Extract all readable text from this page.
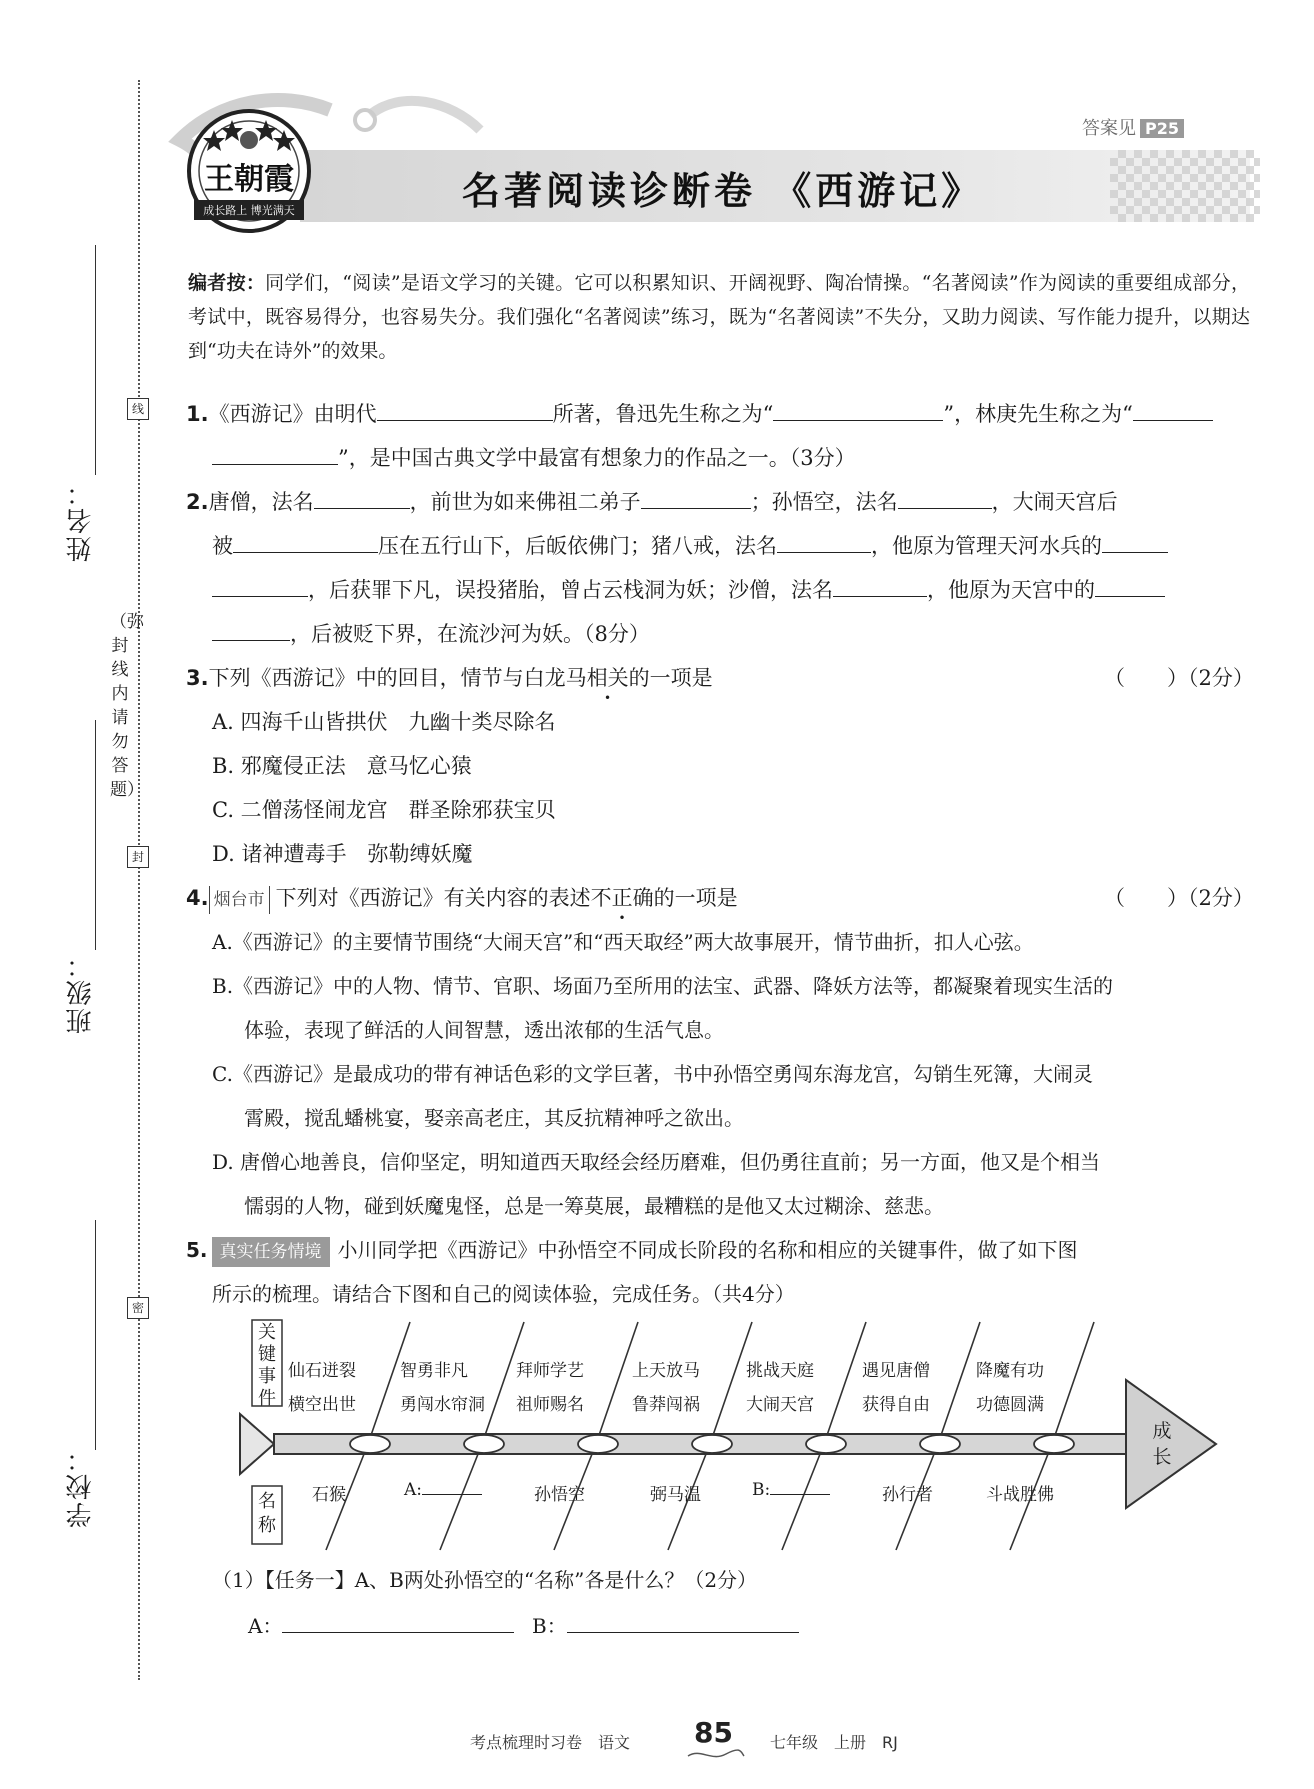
姓名：
班级：
学校：
线
封
密
（弥封线内请勿答题）
王朝霞
成长路上 博光满天
答案见 P25
名著阅读诊断卷 《西游记》
编者按：同学们，“阅读”是语文学习的关键。它可以积累知识、开阔视野、陶冶情操。“名著阅读”作为阅读的重要组成部分，考试中，既容易得分，也容易失分。我们强化“名著阅读”练习，既为“名著阅读”不失分，又助力阅读、写作能力提升，以期达到“功夫在诗外”的效果。
1.《西游记》由明代	所著，鲁迅先生称之为“	”，林庚先生称之为“
”，是中国古典文学中最富有想象力的作品之一。（3分）
2.唐僧，法名	，前世为如来佛祖二弟子	；孙悟空，法名	，大闹天宫后
被	压在五行山下，后皈依佛门；猪八戒，法名	，他原为管理天河水兵的
，后获罪下凡，误投猪胎，曾占云栈洞为妖；沙僧，法名	，他原为天宫中的
，后被贬下界，在流沙河为妖。（8分）
3.下列《西游记》中的回目，情节与白龙马相关的一项是	（　　）（2分）
A. 四海千山皆拱伏　九幽十类尽除名
B. 邪魔侵正法　意马忆心猿
C. 二僧荡怪闹龙宫　群圣除邪获宝贝
D. 诸神遭毒手　弥勒缚妖魔
4. 烟台市 下列对《西游记》有关内容的表述不正确的一项是	（　　）（2分）
A.《西游记》的主要情节围绕“大闹天宫”和“西天取经”两大故事展开，情节曲折，扣人心弦。
B.《西游记》中的人物、情节、官职、场面乃至所用的法宝、武器、降妖方法等，都凝聚着现实生活的
体验，表现了鲜活的人间智慧，透出浓郁的生活气息。
C.《西游记》是最成功的带有神话色彩的文学巨著，书中孙悟空勇闯东海龙宫，勾销生死簿，大闹灵
霄殿，搅乱蟠桃宴，娶亲高老庄，其反抗精神呼之欲出。
D. 唐僧心地善良，信仰坚定，明知道西天取经会经历磨难，但仍勇往直前；另一方面，他又是个相当
懦弱的人物，碰到妖魔鬼怪，总是一筹莫展，最糟糕的是他又太过糊涂、慈悲。
5. 真实任务情境 小川同学把《西游记》中孙悟空不同成长阶段的名称和相应的关键事件，做了如下图
所示的梳理。请结合下图和自己的阅读体验，完成任务。（共4分）
关键事件
名称
成长
仙石迸裂
横空出世
智勇非凡
勇闯水帘洞
拜师学艺
祖师赐名
上天放马
鲁莽闯祸
挑战天庭
大闹天宫
遇见唐僧
获得自由
降魔有功
功德圆满
石猴	A:	孙悟空	弼马温	B:	孙行者	斗战胜佛
（1）【任务一】A、B两处孙悟空的“名称”各是什么？（2分）
A：	B：
考点梳理时习卷　语文 85 七年级　上册　RJ
